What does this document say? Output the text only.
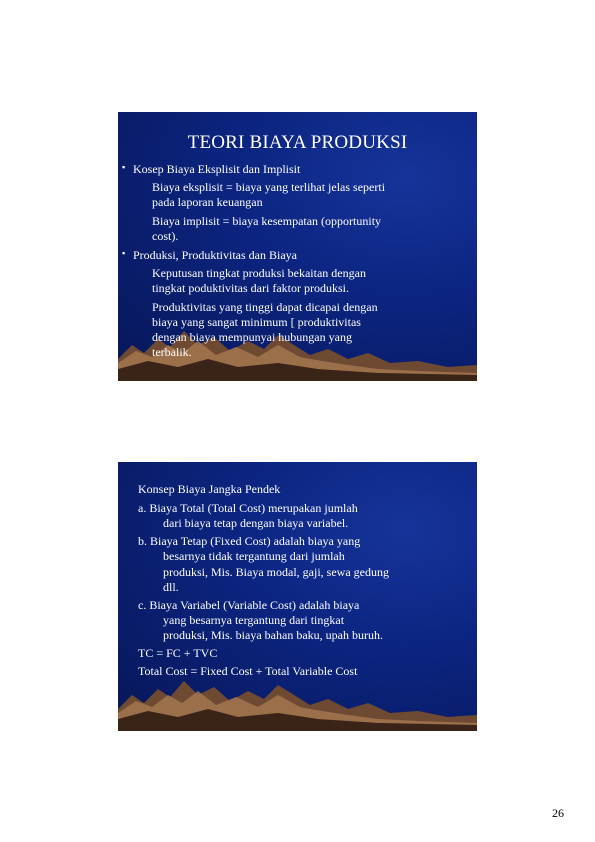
TEORI BIAYA PRODUKSI
▪ Kosep Biaya Eksplisit dan Implisit
Biaya eksplisit = biaya yang terlihat jelas seperti
pada laporan keuangan
Biaya implisit = biaya kesempatan (opportunity
cost).
▪ Produksi, Produktivitas dan Biaya
Keputusan tingkat produksi bekaitan dengan
tingkat poduktivitas dari faktor produksi.
Produktivitas yang tinggi dapat dicapai dengan
biaya yang sangat minimum [ produktivitas
dengan biaya mempunyai hubungan yang
terbalik.
Konsep Biaya Jangka Pendek
a. Biaya Total (Total Cost) merupakan jumlah
dari biaya tetap dengan biaya variabel.
b. Biaya Tetap (Fixed Cost) adalah biaya yang
besarnya tidak tergantung dari jumlah
produksi, Mis. Biaya modal, gaji, sewa gedung
dll.
c. Biaya Variabel (Variable Cost) adalah biaya
yang besarnya tergantung dari tingkat
produksi, Mis. biaya bahan baku, upah buruh.
TC = FC + TVC
Total Cost = Fixed Cost + Total Variable Cost
26
